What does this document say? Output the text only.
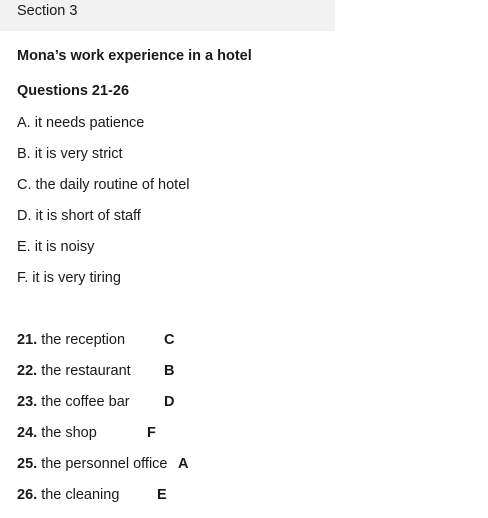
Section 3
Mona’s work experience in a hotel
Questions 21-26
A. it needs patience
B. it is very strict
C. the daily routine of hotel
D. it is short of staff
E. it is noisy
F. it is very tiring
21. the reception	C
22. the restaurant B
23. the coffee bar D
24. the shop	F
25. the personnel office A
26. the cleaning	E
